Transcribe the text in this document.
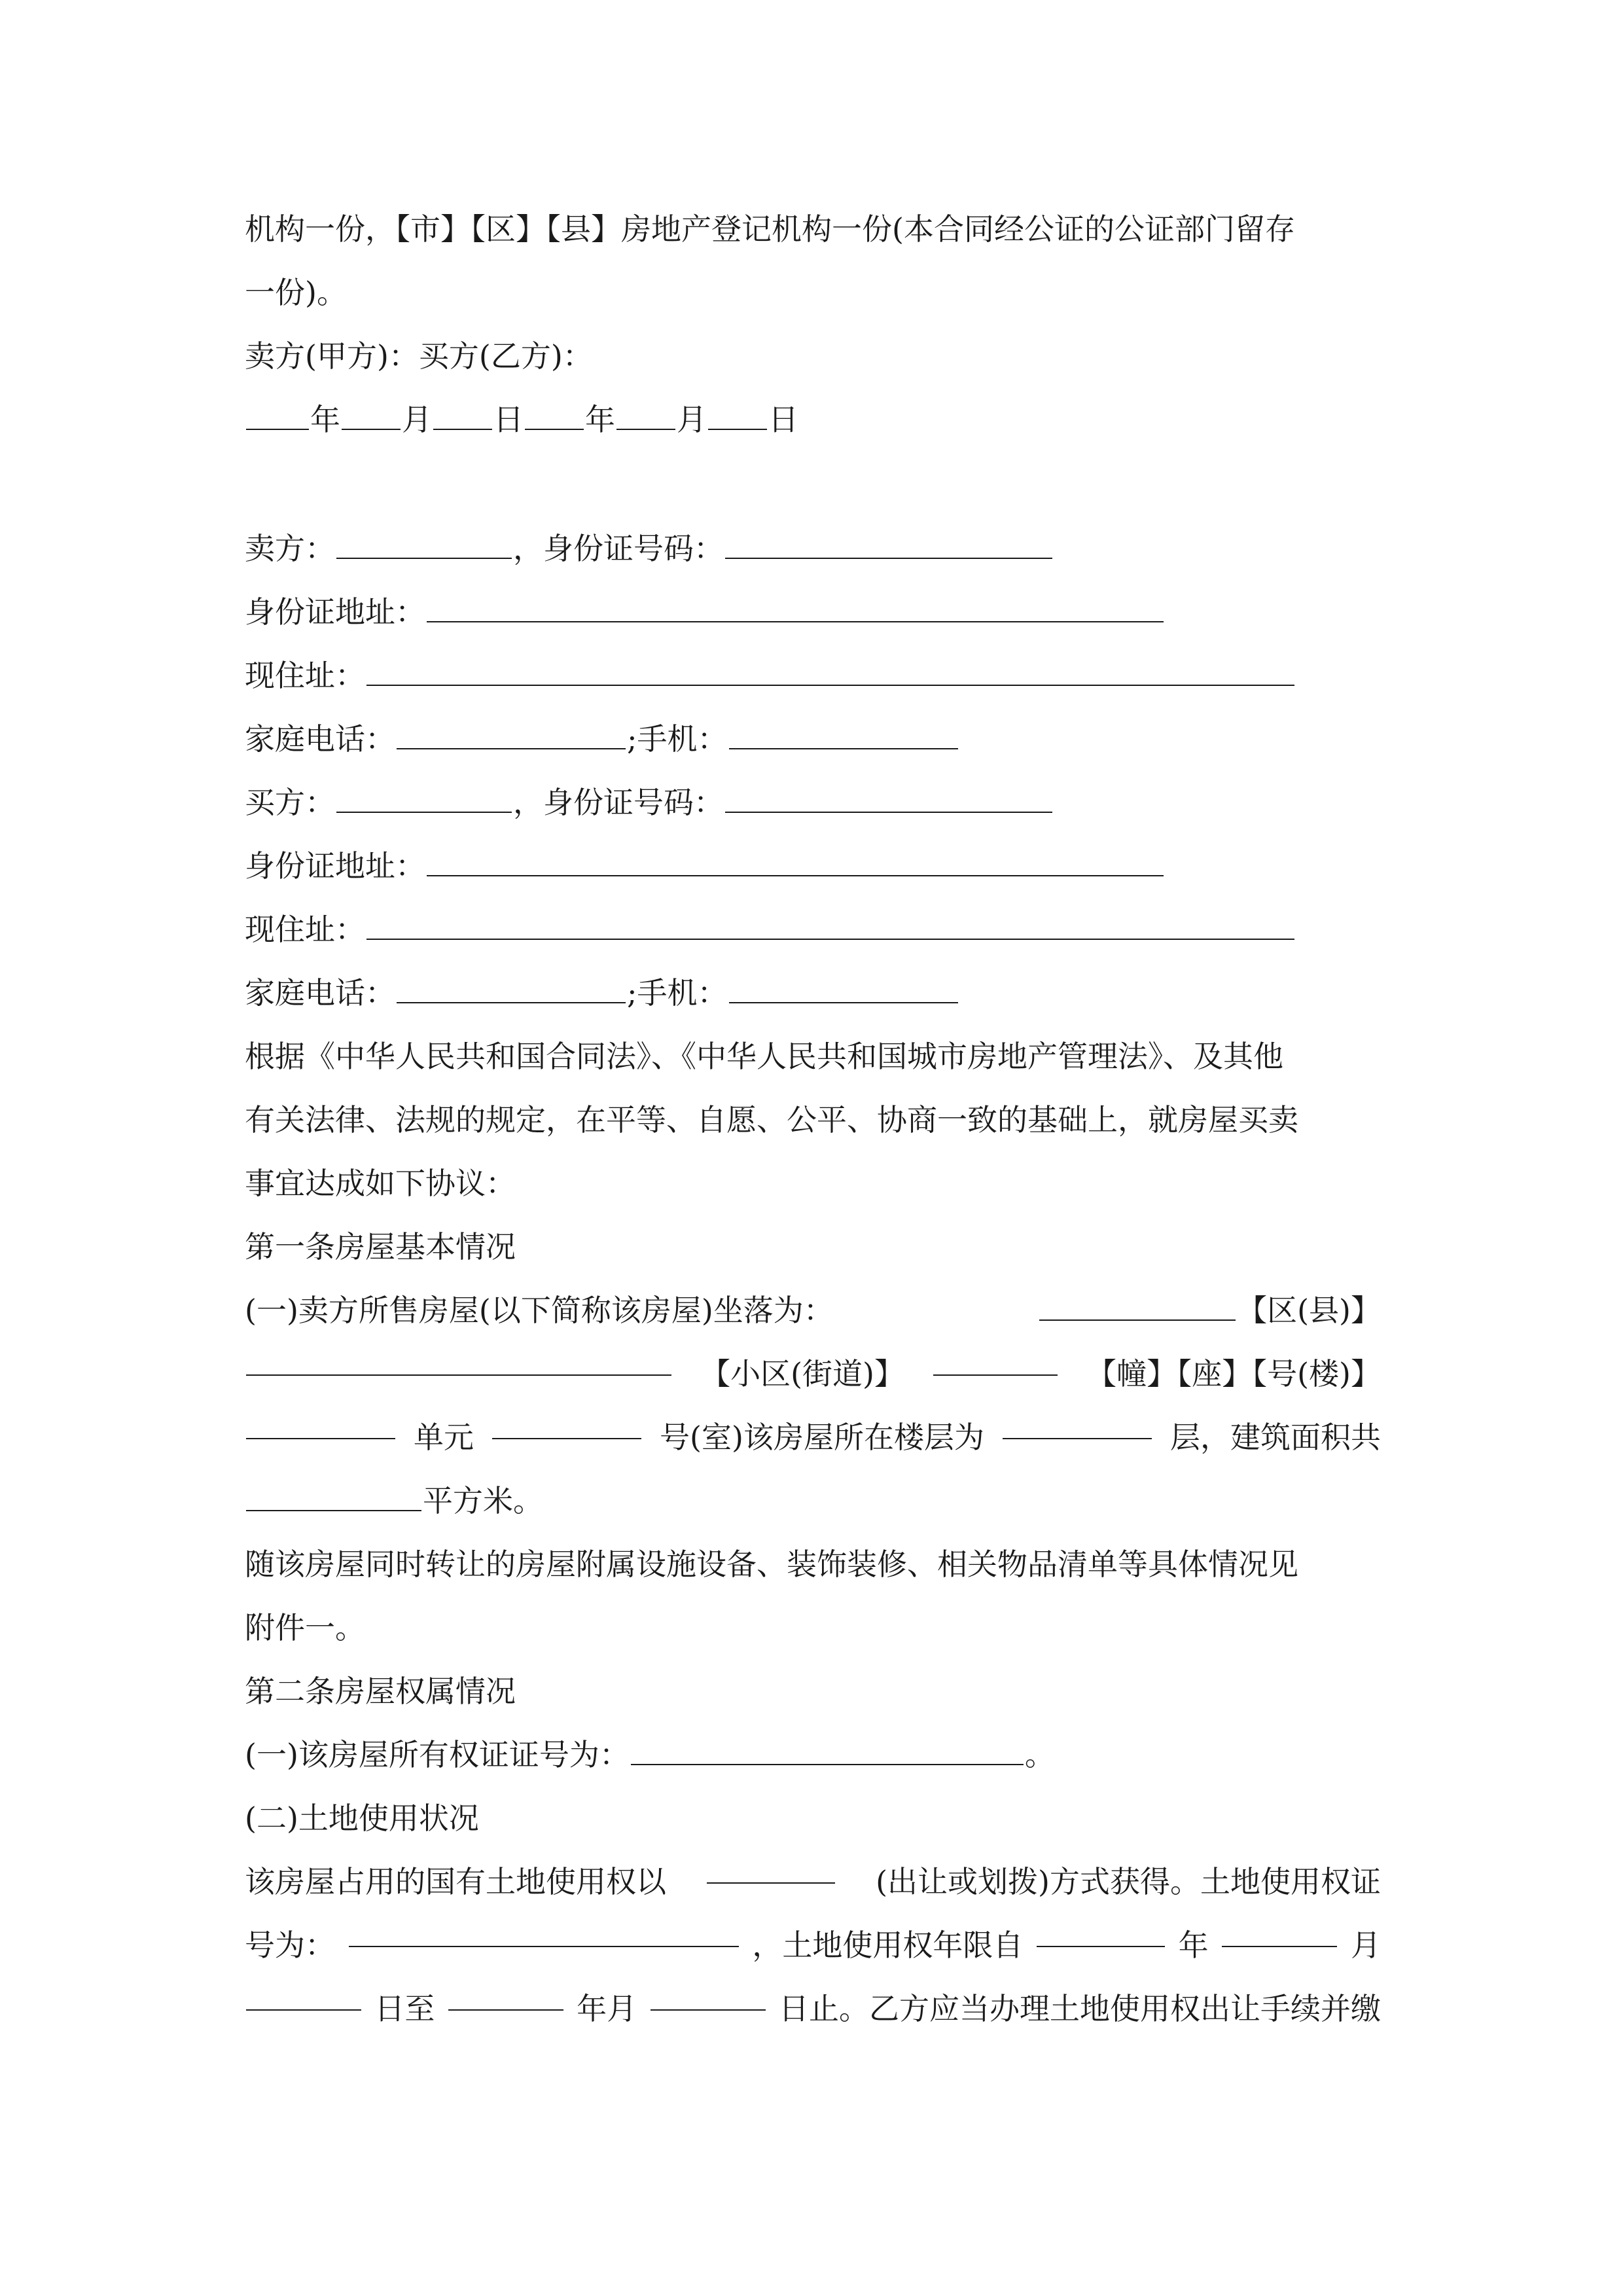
机构一份，【市】【区】【县】房地产登记机构一份(本合同经公证的公证部门留存
一份)。
卖方(甲方)：买方(乙方)：
年 月 日 年 月 日
卖方：	，身份证号码：
身份证地址：
现住址：
家庭电话：	;手机：
买方：	，身份证号码：
身份证地址：
现住址：
家庭电话：	;手机：
根据《中华人民共和国合同法》、《中华人民共和国城市房地产管理法》、及其他
有关法律、法规的规定，在平等、自愿、公平、协商一致的基础上，就房屋买卖
事宜达成如下协议：
第一条房屋基本情况
(一)卖方所售房屋(以下简称该房屋)坐落为：	【区(县)】
【小区(街道)】	【幢】【座】【号(楼)】
单元	号(室)该房屋所在楼层为	层，建筑面积共
平方米。
随该房屋同时转让的房屋附属设施设备、装饰装修、相关物品清单等具体情况见
附件一。
第二条房屋权属情况
(一)该房屋所有权证证号为：	。
(二)土地使用状况
该房屋占用的国有土地使用权以	(出让或划拨)方式获得。土地使用权证
号为：	，土地使用权年限自	年	月
日至	年月	日止。乙方应当办理土地使用权出让手续并缴
